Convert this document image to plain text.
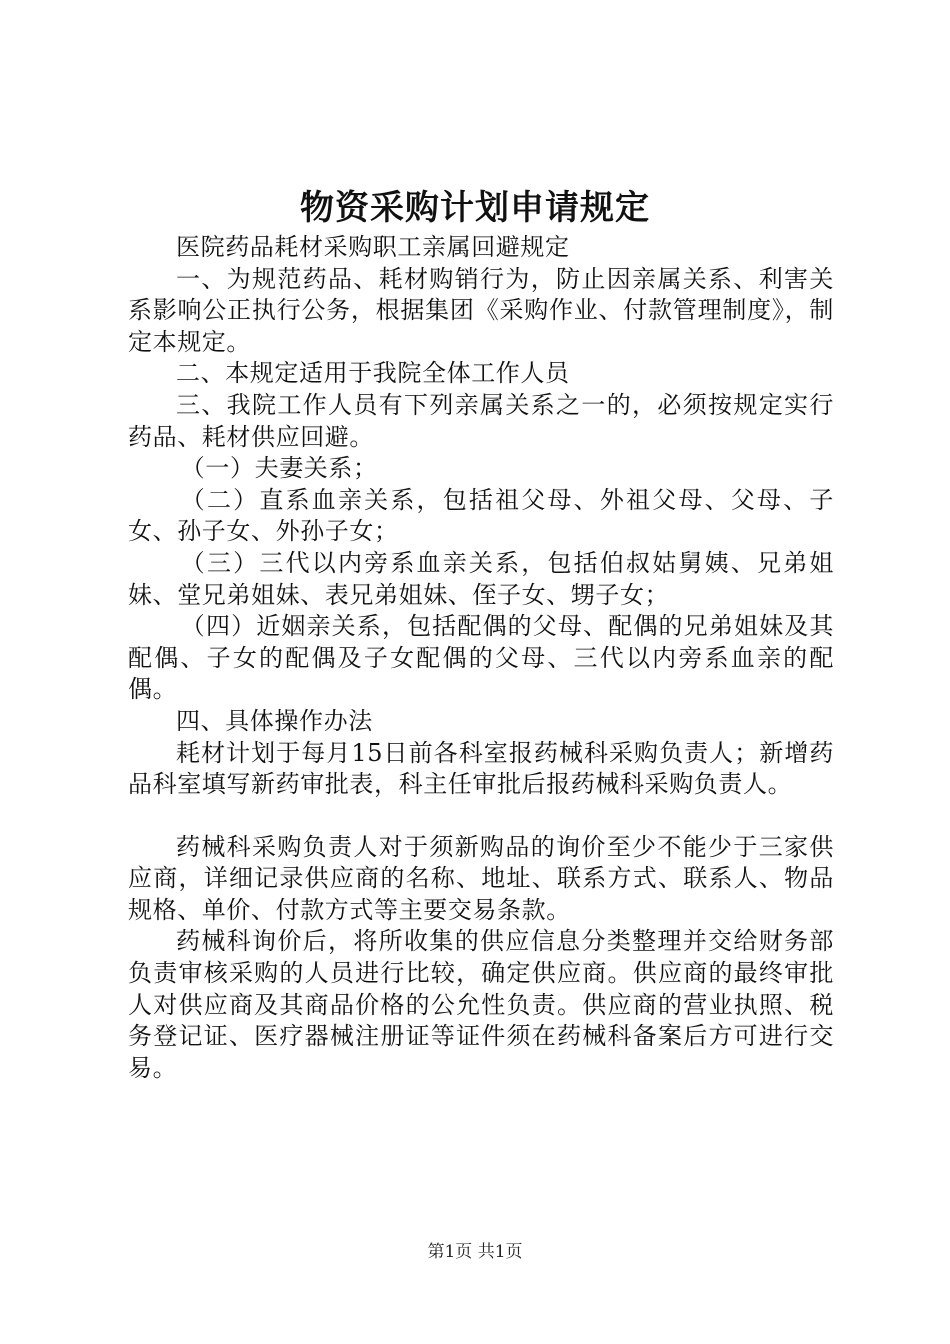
物资采购计划申请规定

医院药品耗材采购职工亲属回避规定

一、为规范药品、耗材购销行为，防止因亲属关系、利害关系影响公正执行公务，根据集团《采购作业、付款管理制度》，制定本规定。

二、本规定适用于我院全体工作人员

三、我院工作人员有下列亲属关系之一的，必须按规定实行药品、耗材供应回避。

（一）夫妻关系；

（二）直系血亲关系，包括祖父母、外祖父母、父母、子女、孙子女、外孙子女；

（三）三代以内旁系血亲关系，包括伯叔姑舅姨、兄弟姐妹、堂兄弟姐妹、表兄弟姐妹、侄子女、甥子女；

（四）近姻亲关系，包括配偶的父母、配偶的兄弟姐妹及其配偶、子女的配偶及子女配偶的父母、三代以内旁系血亲的配偶。

四、具体操作办法

耗材计划于每月15日前各科室报药械科采购负责人；新增药品科室填写新药审批表，科主任审批后报药械科采购负责人。

药械科采购负责人对于须新购品的询价至少不能少于三家供应商，详细记录供应商的名称、地址、联系方式、联系人、物品规格、单价、付款方式等主要交易条款。

药械科询价后，将所收集的供应信息分类整理并交给财务部负责审核采购的人员进行比较，确定供应商。供应商的最终审批人对供应商及其商品价格的公允性负责。供应商的营业执照、税务登记证、医疗器械注册证等证件须在药械科备案后方可进行交易。

第1页 共1页
